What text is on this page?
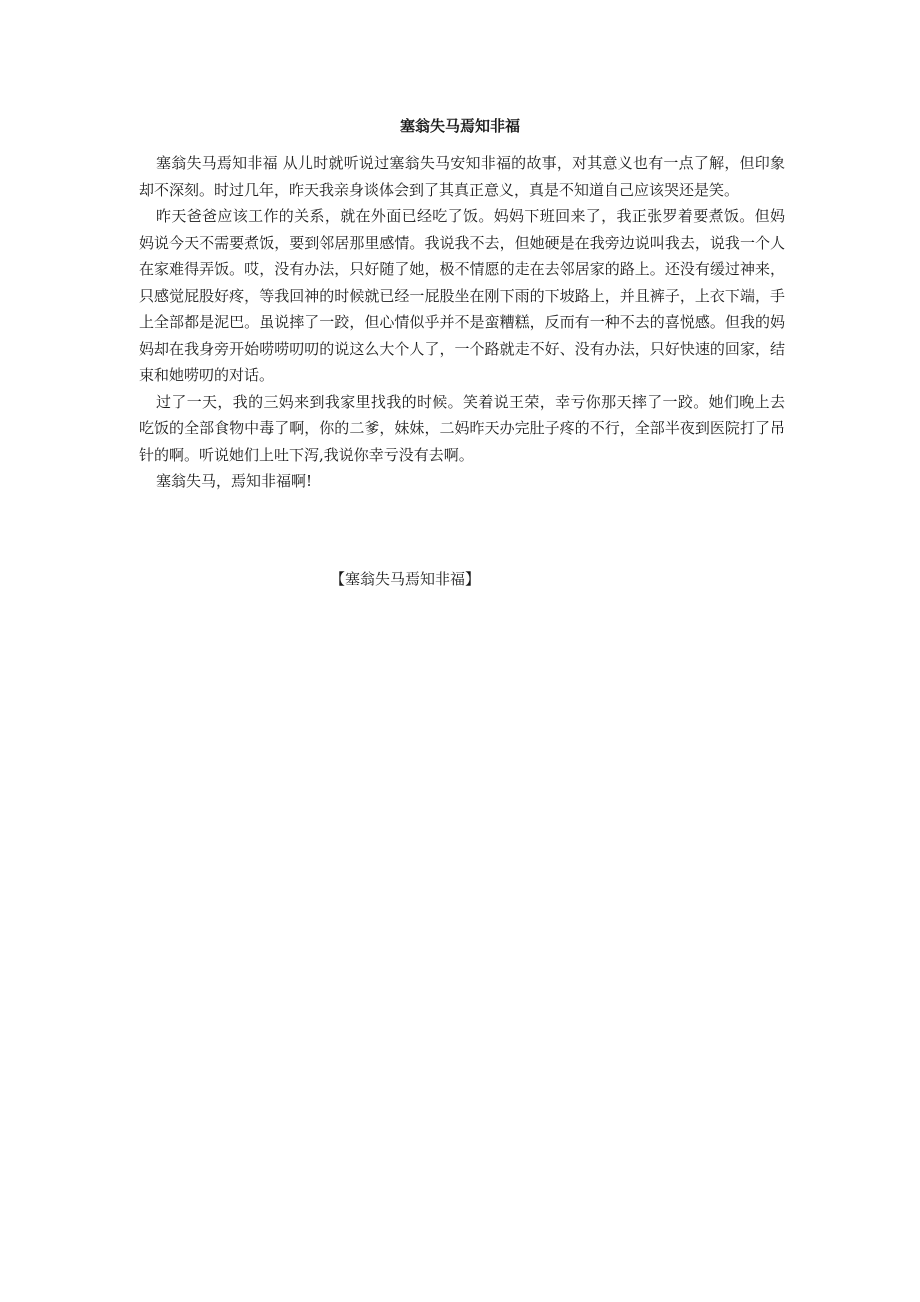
塞翁失马焉知非福

塞翁失马焉知非福 从儿时就听说过塞翁失马安知非福的故事，对其意义也有一点了解，但印象却不深刻。时过几年，昨天我亲身谈体会到了其真正意义，真是不知道自己应该哭还是笑。

昨天爸爸应该工作的关系，就在外面已经吃了饭。妈妈下班回来了，我正张罗着要煮饭。但妈妈说今天不需要煮饭，要到邻居那里感情。我说我不去，但她硬是在我旁边说叫我去，说我一个人在家难得弄饭。哎，没有办法，只好随了她，极不情愿的走在去邻居家的路上。还没有缓过神来，只感觉屁股好疼，等我回神的时候就已经一屁股坐在刚下雨的下坡路上，并且裤子，上衣下端，手上全部都是泥巴。虽说摔了一跤，但心情似乎并不是蛮糟糕，反而有一种不去的喜悦感。但我的妈妈却在我身旁开始唠唠叨叨的说这么大个人了，一个路就走不好、没有办法，只好快速的回家，结束和她唠叨的对话。

过了一天，我的三妈来到我家里找我的时候。笑着说王荣，幸亏你那天摔了一跤。她们晚上去吃饭的全部食物中毒了啊，你的二爹，妹妹，二妈昨天办完肚子疼的不行，全部半夜到医院打了吊针的啊。听说她们上吐下泻,我说你幸亏没有去啊。

塞翁失马，焉知非福啊!

【塞翁失马焉知非福】
